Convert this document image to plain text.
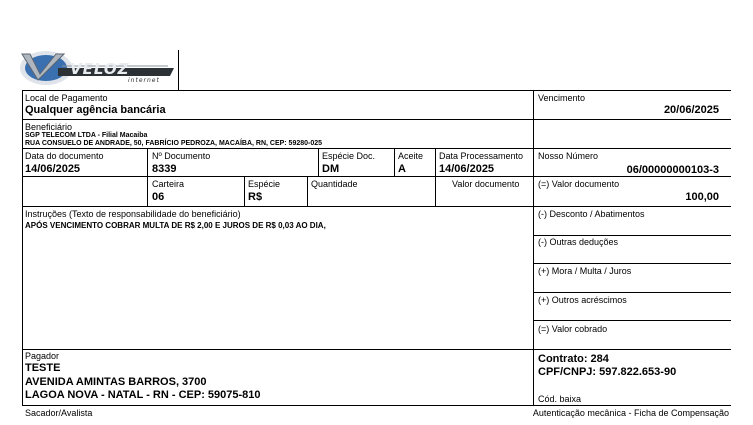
VELOZ
internet
Local de Pagamento
Qualquer agência bancária
Vencimento
20/06/2025
Beneficiário
SGP TELECOM LTDA - Filial Macaiba
RUA CONSUELO DE ANDRADE, 50, FABRÍCIO PEDROZA, MACAÍBA, RN, CEP: 59280-025
Data do documento
14/06/2025
Nº Documento
8339
Espécie Doc.
DM
Aceite
A
Data Processamento
14/06/2025
Nosso Número
06/00000000103-3
Carteira
06
Espécie
R$
Quantidade	Valor documento (=) Valor documento
100,00
Instruções (Texto de responsabilidade do beneficiário)
APÓS VENCIMENTO COBRAR MULTA DE R$ 2,00 E JUROS DE R$ 0,03 AO DIA,
(-) Desconto / Abatimentos
(-) Outras deduções
(+) Mora / Multa / Juros
(+) Outros acréscimos
(=) Valor cobrado
Pagador
TESTE
AVENIDA AMINTAS BARROS, 3700
LAGOA NOVA - NATAL - RN - CEP: 59075-810
Contrato: 284
CPF/CNPJ: 597.822.653-90
Cód. baixa
Sacador/Avalista	Autenticação mecânica - Ficha de Compensação
